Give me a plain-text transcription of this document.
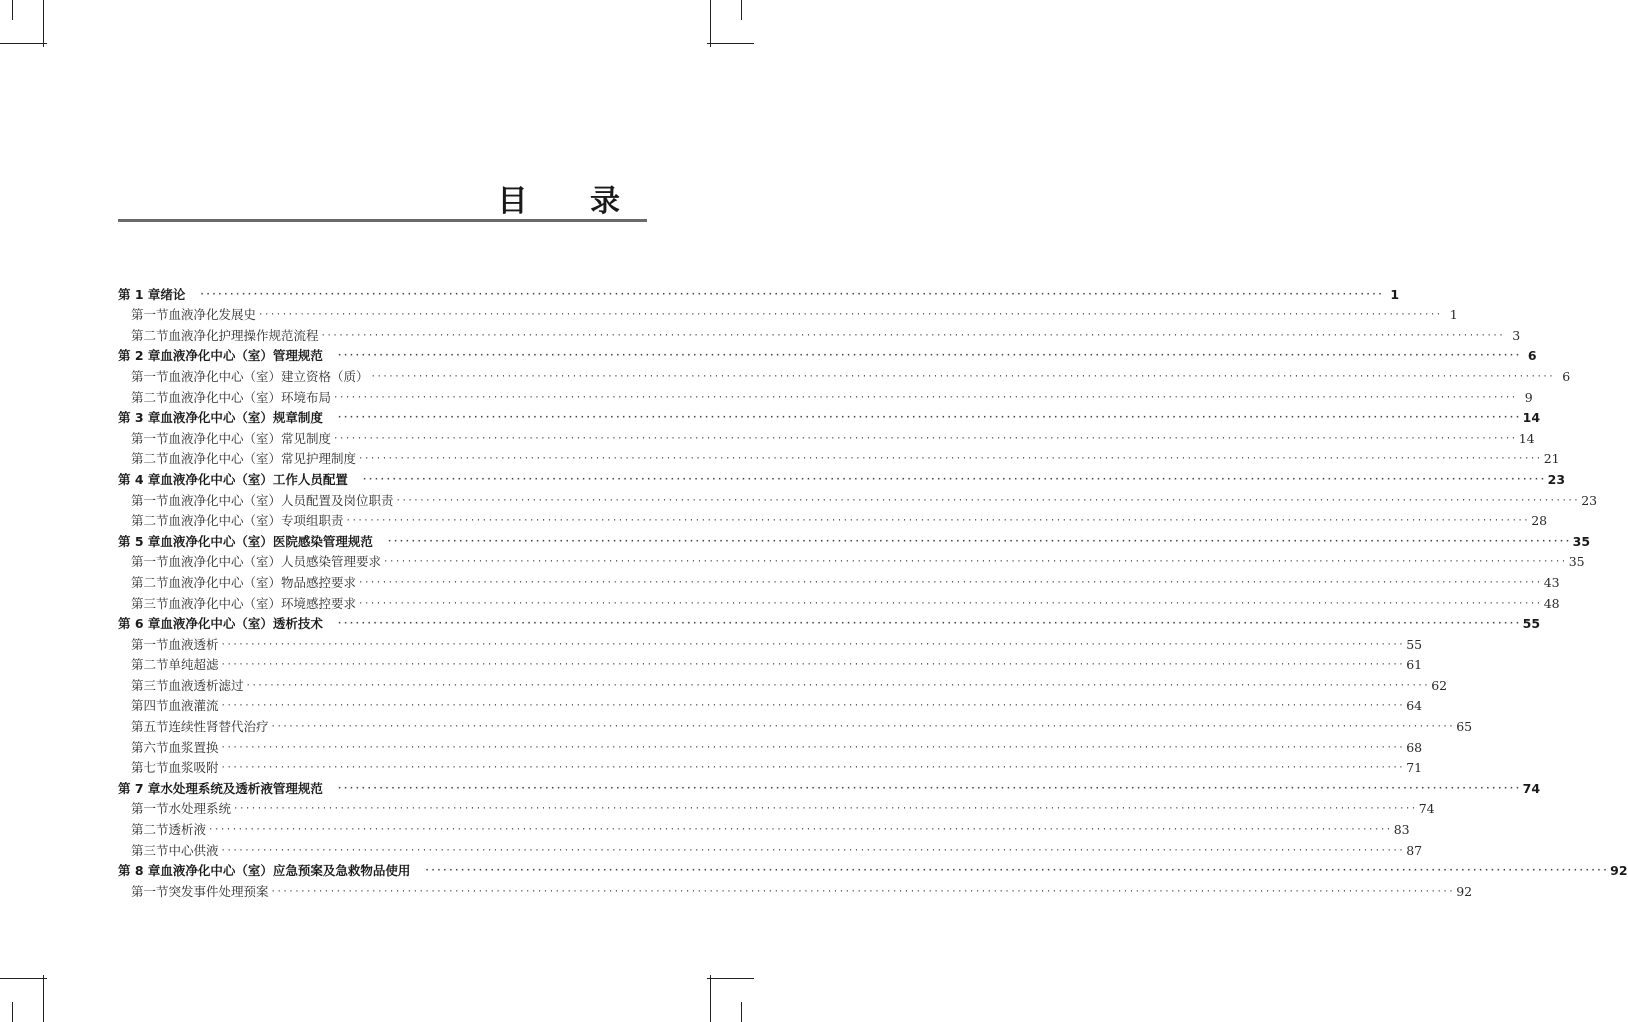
目 录
第 1 章 绪论 ········································································································································································································ 1
第一节 血液净化发展史 ········································································································································································································ 1
第二节 血液净化护理操作规范流程 ········································································································································································································ 3
第 2 章 血液净化中心（室）管理规范 ········································································································································································································ 6
第一节 血液净化中心（室）建立资格（质） ········································································································································································································ 6
第二节 血液净化中心（室）环境布局 ········································································································································································································ 9
第 3 章 血液净化中心（室）规章制度 ········································································································································································································ 14
第一节 血液净化中心（室）常见制度 ········································································································································································································ 14
第二节 血液净化中心（室）常见护理制度 ········································································································································································································ 21
第 4 章 血液净化中心（室）工作人员配置 ········································································································································································································ 23
第一节 血液净化中心（室）人员配置及岗位职责 ········································································································································································································ 23
第二节 血液净化中心（室）专项组职责 ········································································································································································································ 28
第 5 章 血液净化中心（室）医院感染管理规范 ········································································································································································································ 35
第一节 血液净化中心（室）人员感染管理要求 ········································································································································································································ 35
第二节 血液净化中心（室）物品感控要求 ········································································································································································································ 43
第三节 血液净化中心（室）环境感控要求 ········································································································································································································ 48
第 6 章 血液净化中心（室）透析技术 ········································································································································································································ 55
第一节 血液透析 ········································································································································································································ 55
第二节 单纯超滤 ········································································································································································································ 61
第三节 血液透析滤过 ········································································································································································································ 62
第四节 血液灌流 ········································································································································································································ 64
第五节 连续性肾替代治疗 ········································································································································································································ 65
第六节 血浆置换 ········································································································································································································ 68
第七节 血浆吸附 ········································································································································································································ 71
第 7 章 水处理系统及透析液管理规范 ········································································································································································································ 74
第一节 水处理系统 ········································································································································································································ 74
第二节 透析液 ········································································································································································································ 83
第三节 中心供液 ········································································································································································································ 87
第 8 章 血液净化中心（室）应急预案及急救物品使用 ········································································································································································································ 92
第一节 突发事件处理预案 ········································································································································································································ 92
